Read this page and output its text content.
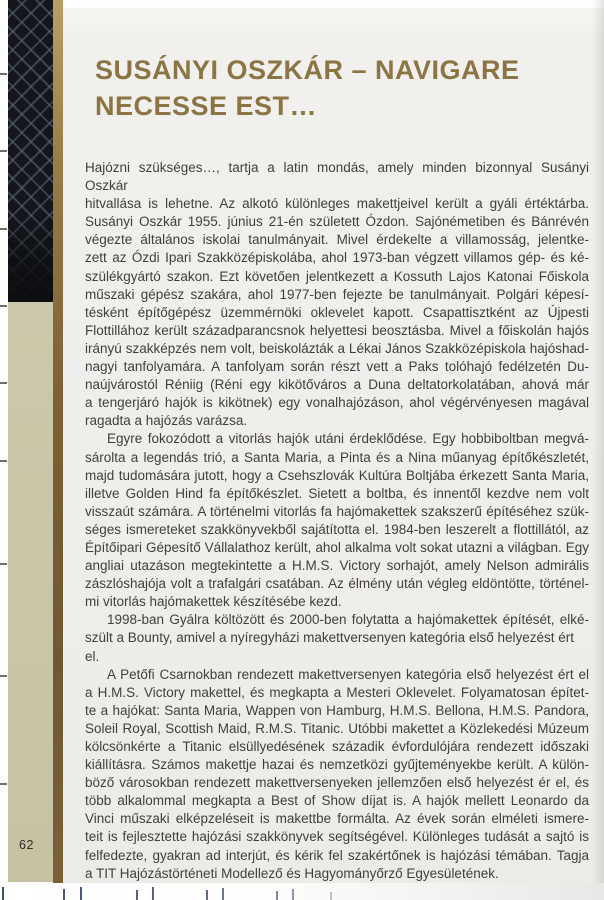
62
SUSÁNYI OSZKÁR – NAVIGARE
NECESSE EST…
Hajózni szükséges…, tartja a latin mondás, amely minden bizonnyal Susányi Oszkár
hitvallása is lehetne. Az alkotó különleges makettjeivel került a gyáli értéktárba.
Susányi Oszkár 1955. június 21-én született Ózdon. Sajónémetiben és Bánrévén
végezte általános iskolai tanulmányait. Mivel érdekelte a villamosság, jelentke-
zett az Ózdi Ipari Szakközépiskolába, ahol 1973-ban végzett villamos gép- és ké-
szülékgyártó szakon. Ezt követően jelentkezett a Kossuth Lajos Katonai Főiskola
műszaki gépész szakára, ahol 1977-ben fejezte be tanulmányait. Polgári képesí-
tésként építőgépész üzemmérnöki oklevelet kapott. Csapattisztként az Újpesti
Flottillához került századparancsnok helyettesi beosztásba. Mivel a főiskolán hajós
irányú szakképzés nem volt, beiskolázták a Lékai János Szakközépiskola hajóshad-
nagyi tanfolyamára. A tanfolyam során részt vett a Paks tolóhajó fedélzetén Du-
naújvárostól Réniig (Réni egy kikötőváros a Duna deltatorkolatában, ahová már
a tengerjáró hajók is kikötnek) egy vonalhajózáson, ahol végérvényesen magával
ragadta a hajózás varázsa.
Egyre fokozódott a vitorlás hajók utáni érdeklődése. Egy hobbiboltban megvá-
sárolta a legendás trió, a Santa Maria, a Pinta és a Nina műanyag építőkészletét,
majd tudomására jutott, hogy a Csehszlovák Kultúra Boltjába érkezett Santa Maria,
illetve Golden Hind fa építőkészlet. Sietett a boltba, és innentől kezdve nem volt
visszaút számára. A történelmi vitorlás fa hajómakettek szakszerű építéséhez szük-
séges ismereteket szakkönyvekből sajátította el. 1984-ben leszerelt a flottillától, az
Építőipari Gépesítő Vállalathoz került, ahol alkalma volt sokat utazni a világban. Egy
angliai utazáson megtekintette a H.M.S. Victory sorhajót, amely Nelson admirális
zászlóshajója volt a trafalgári csatában. Az élmény után végleg eldöntötte, történel-
mi vitorlás hajómakettek készítésébe kezd.
1998-ban Gyálra költözött és 2000-ben folytatta a hajómakettek építését, elké-
szült a Bounty, amivel a nyíregyházi makettversenyen kategória első helyezést ért el.
A Petőfi Csarnokban rendezett makettversenyen kategória első helyezést ért el
a H.M.S. Victory makettel, és megkapta a Mesteri Oklevelet. Folyamatosan építet-
te a hajókat: Santa Maria, Wappen von Hamburg, H.M.S. Bellona, H.M.S. Pandora,
Soleil Royal, Scottish Maid, R.M.S. Titanic. Utóbbi makettet a Közlekedési Múzeum
kölcsönkérte a Titanic elsüllyedésének századik évfordulójára rendezett időszaki
kiállításra. Számos makettje hazai és nemzetközi gyűjteményekbe került. A külön-
böző városokban rendezett makettversenyeken jellemzően első helyezést ér el, és
több alkalommal megkapta a Best of Show díjat is. A hajók mellett Leonardo da
Vinci műszaki elképzeléseit is makettbe formálta. Az évek során elméleti ismere-
teit is fejlesztette hajózási szakkönyvek segítségével. Különleges tudását a sajtó is
felfedezte, gyakran ad interjút, és kérik fel szakértőnek is hajózási témában. Tagja
a TIT Hajózástörténeti Modellező és Hagyományőrző Egyesületének.
